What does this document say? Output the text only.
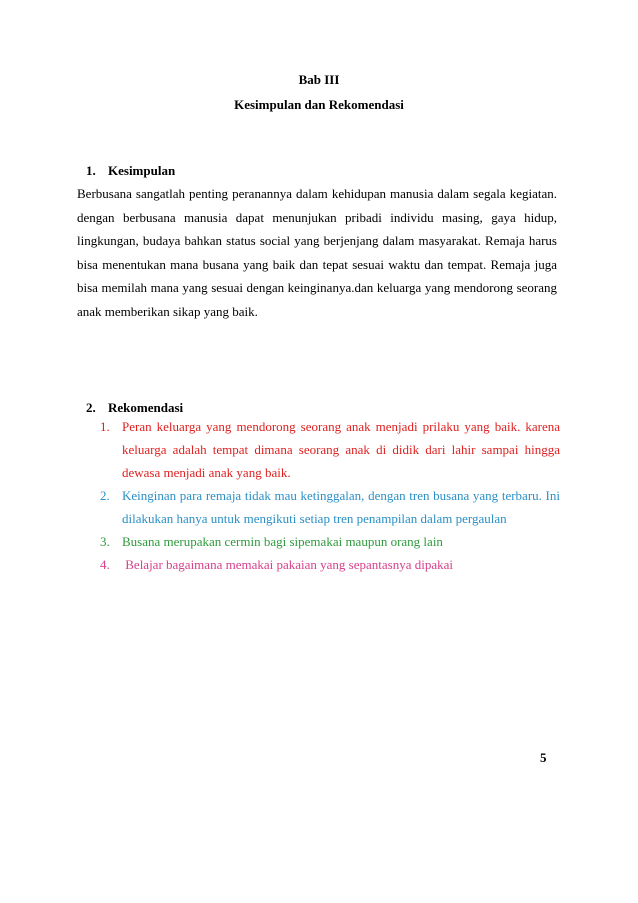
Bab III
Kesimpulan dan Rekomendasi
1. Kesimpulan
Berbusana sangatlah penting peranannya dalam kehidupan manusia dalam segala kegiatan. dengan berbusana manusia dapat menunjukan pribadi individu masing, gaya hidup, lingkungan, budaya bahkan status social yang berjenjang dalam masyarakat. Remaja harus bisa menentukan mana busana yang baik dan tepat sesuai waktu dan tempat. Remaja juga bisa memilah mana yang sesuai dengan keinginanya.dan keluarga yang mendorong seorang anak memberikan sikap yang baik.
2. Rekomendasi
1. Peran keluarga yang mendorong seorang anak menjadi prilaku yang baik. karena keluarga adalah tempat dimana seorang anak di didik dari lahir sampai hingga dewasa menjadi anak yang baik.
2. Keinginan para remaja tidak mau ketinggalan, dengan tren busana yang terbaru. Ini dilakukan hanya untuk mengikuti setiap tren penampilan dalam pergaulan
3. Busana merupakan cermin bagi sipemakai maupun orang lain
4. Belajar bagaimana memakai pakaian yang sepantasnya dipakai
5
